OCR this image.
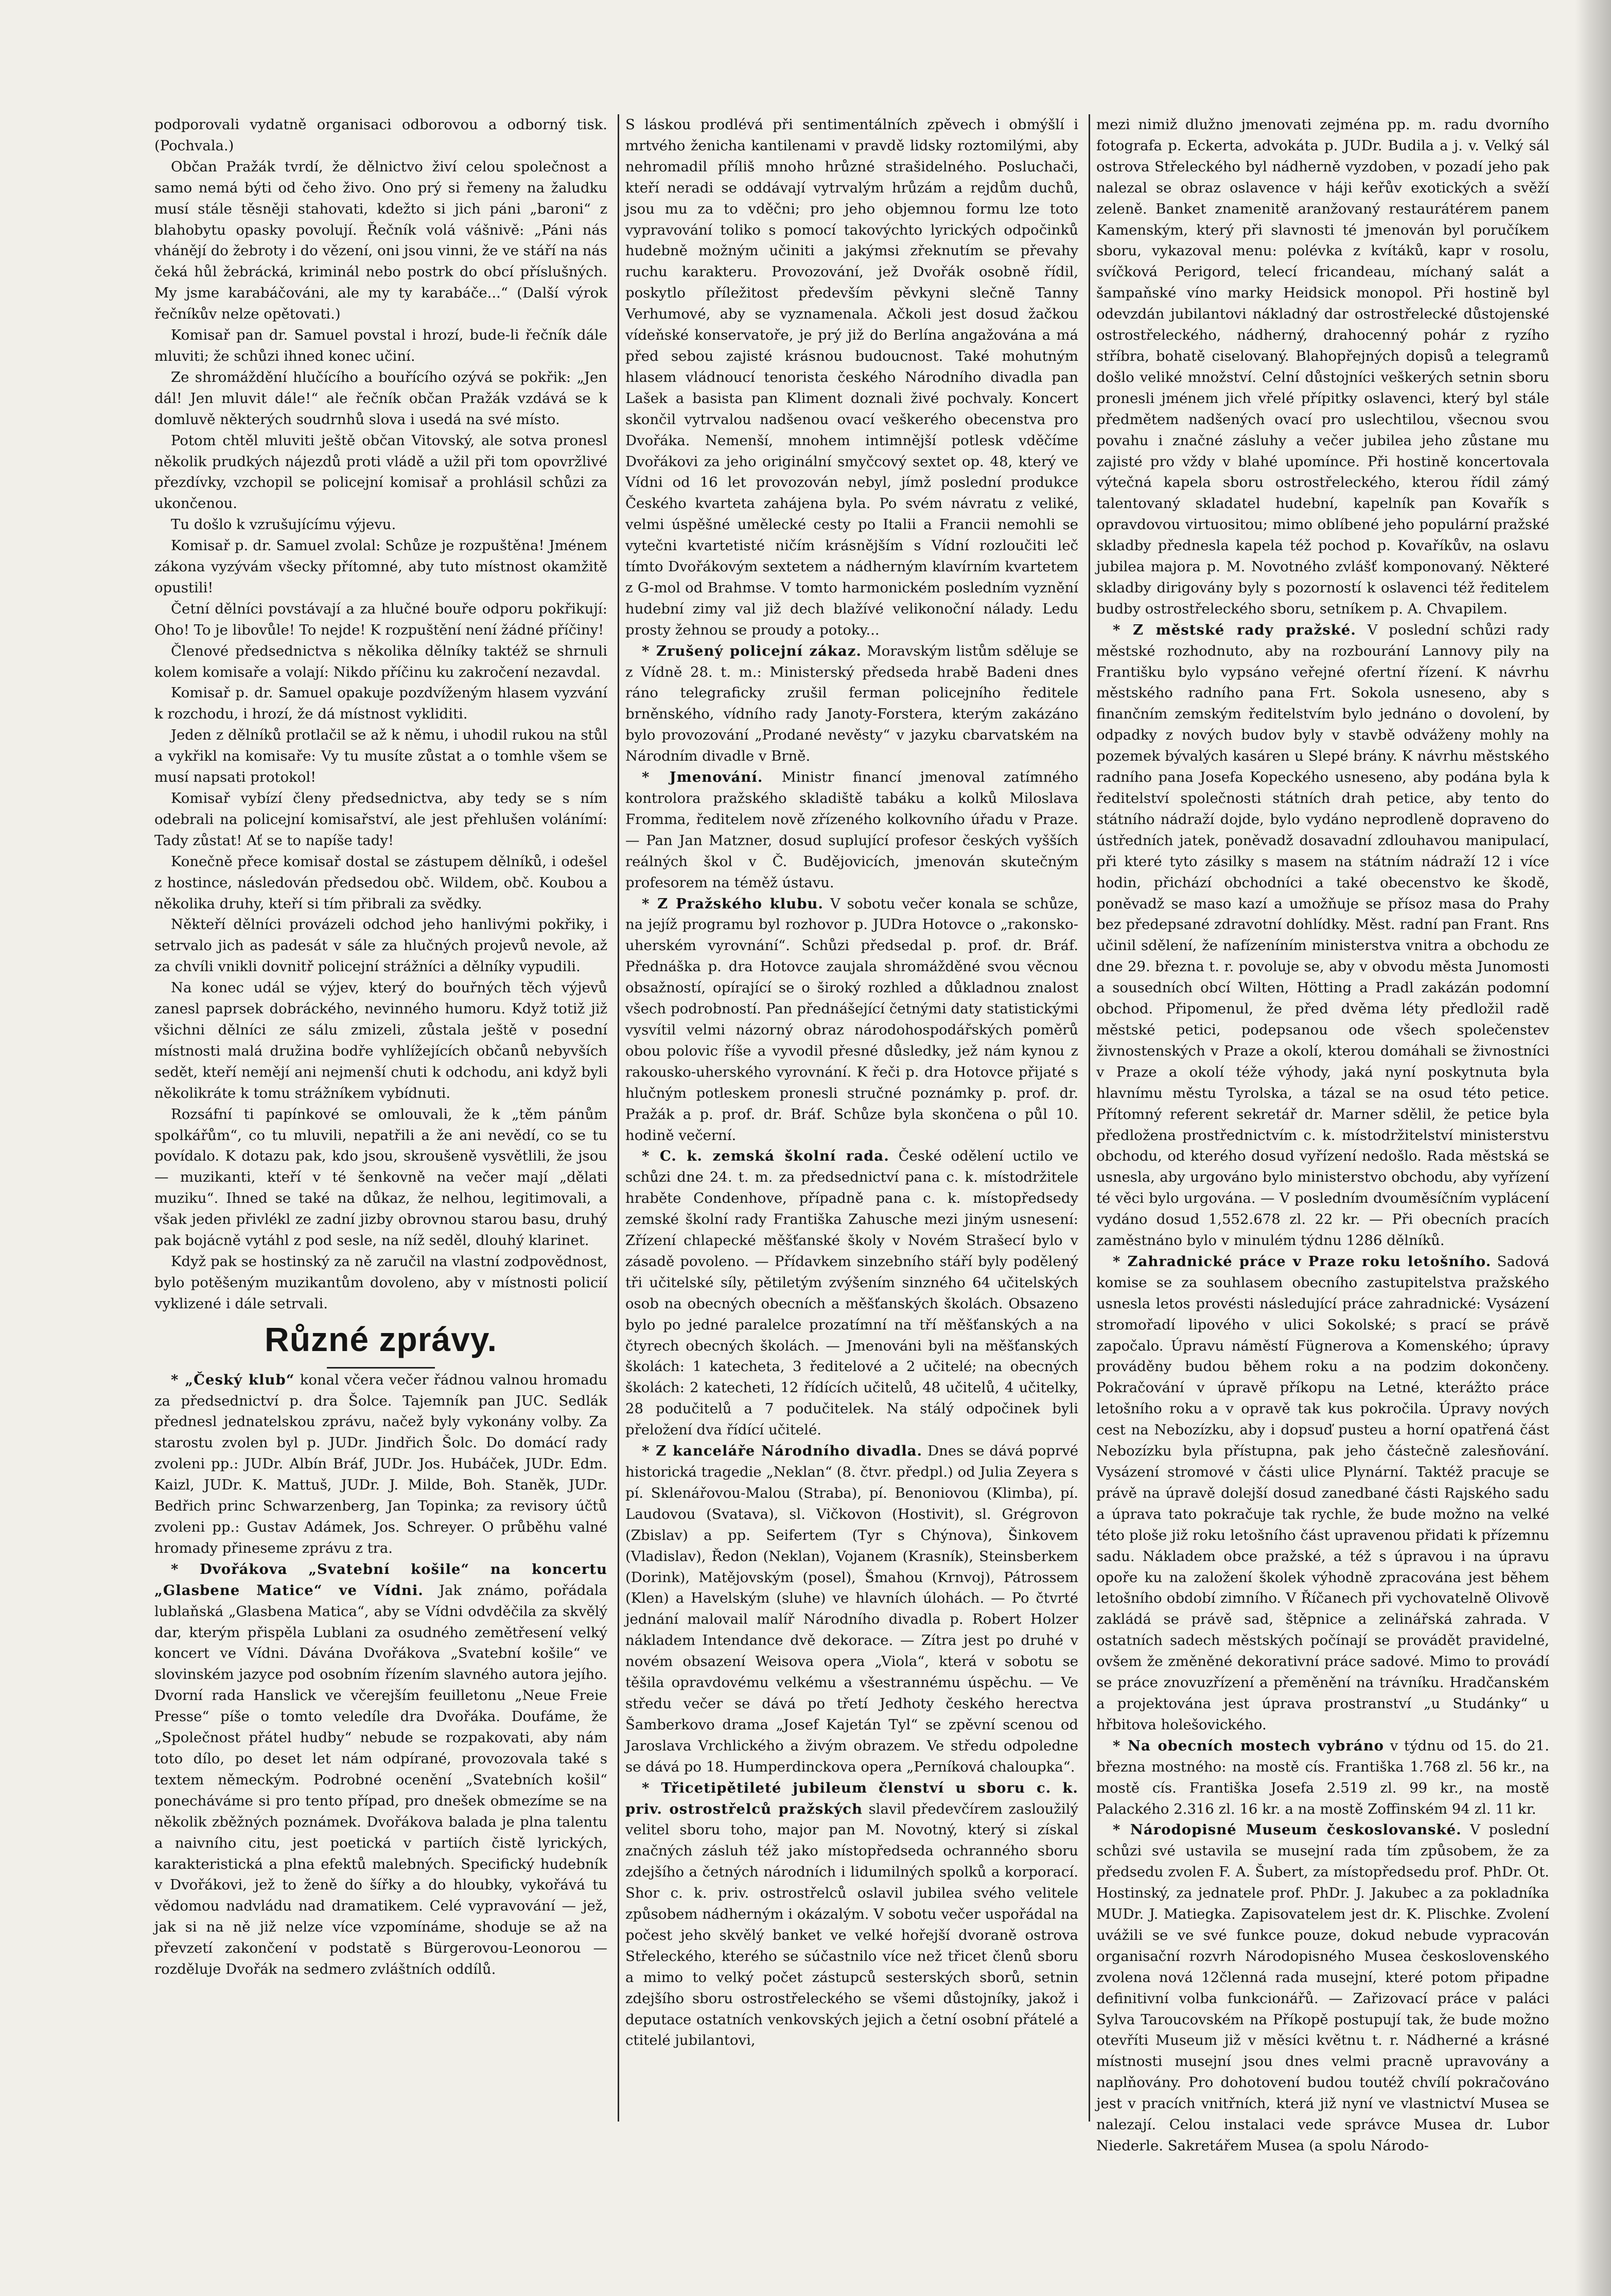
podporovali vydatně organisaci odborovou a odborný tisk. (Pochvala.)

Občan Pražák tvrdí, že dělnictvo živí celou společnost a samo nemá býti od čeho živo. Ono prý si řemeny na žaludku musí stále těsněji stahovati, kdežto si jich páni „baroni“ z blahobytu opasky povolují. Řečník volá vášnivě: „Páni nás vhánějí do žebroty i do vězení, oni jsou vinni, že ve stáří na nás čeká hůl žebrácká, kriminál nebo postrk do obcí příslušných. My jsme karabáčováni, ale my ty karabáče...“ (Další výrok řečníkův nelze opětovati.)

Komisař pan dr. Samuel povstal i hrozí, bude-li řečník dále mluviti; že schůzi ihned konec učiní.

Ze shromáždění hlučícího a bouřícího ozývá se pokřik: „Jen dál! Jen mluvit dále!“ ale řečník občan Pražák vzdává se k domluvě některých soudrnhů slova i usedá na své místo.

Potom chtěl mluviti ještě občan Vitovský, ale sotva pronesl několik prudkých nájezdů proti vládě a užil při tom opovržlivé přezdívky, vzchopil se policejní komisař a prohlásil schůzi za ukončenou.

Tu došlo k vzrušujícímu výjevu.

Komisař p. dr. Samuel zvolal: Schůze je rozpuštěna! Jménem zákona vyzývám všecky přítomné, aby tuto místnost okamžitě opustili!

Četní dělníci povstávají a za hlučné bouře odporu pokřikují: Oho! To je libovůle! To nejde! K rozpuštění není žádné příčiny!

Členové předsednictva s několika dělníky taktéž se shrnuli kolem komisaře a volají: Nikdo příčinu ku zakročení nezavdal.

Komisař p. dr. Samuel opakuje pozdvíženým hlasem vyzvání k rozchodu, i hrozí, že dá místnost vykliditi.

Jeden z dělníků protlačil se až k němu, i uhodil rukou na stůl a vykřikl na komisaře: Vy tu musíte zůstat a o tomhle všem se musí napsati protokol!

Komisař vybízí členy předsednictva, aby tedy se s ním odebrali na policejní komisařství, ale jest přehlušen volánímí: Tady zůstat! Ať se to napíše tady!

Konečně přece komisař dostal se zástupem dělníků, i odešel z hostince, následován předsedou obč. Wildem, obč. Koubou a několika druhy, kteří si tím přibrali za svědky.

Někteří dělníci provázeli odchod jeho hanlivými pokřiky, i setrvalo jich as padesát v sále za hlučných projevů nevole, až za chvíli vnikli dovnitř policejní strážníci a dělníky vypudili.

Na konec udál se výjev, který do bouřných těch výjevů zanesl paprsek dobráckého, nevinného humoru. Když totiž již všichni dělníci ze sálu zmizeli, zůstala ještě v posední místnosti malá družina bodře vyhlížejících občanů nebyvších sedět, kteří nemějí ani nejmenší chuti k odchodu, ani když byli několikráte k tomu strážníkem vybídnuti.

Rozsáfní ti papínkové se omlouvali, že k „těm pánům spolkářům“, co tu mluvili, nepatřili a že ani nevědí, co se tu povídalo. K dotazu pak, kdo jsou, skroušeně vysvětlili, že jsou — muzikanti, kteří v té šenkovně na večer mají „dělati muziku“. Ihned se také na důkaz, že nelhou, legitimovali, a však jeden přivlékl ze zadní jizby obrovnou starou basu, druhý pak bojácně vytáhl z pod sesle, na níž seděl, dlouhý klarinet.

Když pak se hostinský za ně zaručil na vlastní zodpovědnost, bylo potěšeným muzikantům dovoleno, aby v místnosti policií vyklizené i dále setrvali.

Různé zprávy.

* „Český klub“ konal včera večer řádnou valnou hromadu za předsednictví p. dra Šolce. Tajemník pan JUC. Sedlák přednesl jednatelskou zprávu, načež byly vykonány volby. Za starostu zvolen byl p. JUDr. Jindřich Šolc. Do domácí rady zvoleni pp.: JUDr. Albín Bráf, JUDr. Jos. Hubáček, JUDr. Edm. Kaizl, JUDr. K. Mattuš, JUDr. J. Milde, Boh. Staněk, JUDr. Bedřich princ Schwarzenberg, Jan Topinka; za revisory účtů zvoleni pp.: Gustav Adámek, Jos. Schreyer. O průběhu valné hromady přineseme zprávu z tra.

* Dvořákova „Svatební košile“ na koncertu „Glasbene Matice“ ve Vídni. Jak známo, pořádala lublaňská „Glasbena Matica“, aby se Vídni odvděčila za skvělý dar, kterým přispěla Lublani za osudného zemětřesení velký koncert ve Vídni. Dávána Dvořákova „Svatební košile“ ve slovinském jazyce pod osobním řízením slavného autora jejího. Dvorní rada Hanslick ve včerejším feuilletonu „Neue Freie Presse“ píše o tomto veledíle dra Dvořáka. Doufáme, že „Společnost přátel hudby“ nebude se rozpakovati, aby nám toto dílo, po deset let nám odpírané, provozovala také s textem německým. Podrobné ocenění „Svatebních košil“ ponecháváme si pro tento případ, pro dnešek obmezíme se na několik zběžných poznámek. Dvořákova balada je plna talentu a naivního citu, jest poetická v partiích čistě lyrických, karakteristická a plna efektů malebných. Specifický hudebník v Dvořákovi, jež to ženě do šířky a do hloubky, vykořává tu vědomou nadvládu nad dramatikem. Celé vypravování — jež, jak si na ně již nelze více vzpomínáme, shoduje se až na převzetí zakončení v podstatě s Bürgerovou-Leonorou — rozděluje Dvořák na sedmero zvláštních oddílů.

S láskou prodlévá při sentimentálních zpěvech i obmýšlí i mrtvého ženicha kantilenami v pravdě lidsky roztomilými, aby nehromadil příliš mnoho hrůzné strašidelného. Posluchači, kteří neradi se oddávají vytrvalým hrůzám a rejdům duchů, jsou mu za to vděčni; pro jeho objemnou formu lze toto vypravování toliko s pomocí takovýchto lyrických odpočinků hudebně možným učiniti a jakýmsi zřeknutím se převahy ruchu karakteru. Provozování, jež Dvořák osobně řídil, poskytlo příležitost především pěvkyni slečně Tanny Verhumové, aby se vyznamenala. Ačkoli jest dosud žačkou vídeňské konservatoře, je prý již do Berlína angažována a má před sebou zajisté krásnou budoucnost. Také mohutným hlasem vládnoucí tenorista českého Národního divadla pan Lašek a basista pan Kliment doznali živé pochvaly. Koncert skončil vytrvalou nadšenou ovací veškerého obecenstva pro Dvořáka. Nemenší, mnohem intimnější potlesk vděčíme Dvořákovi za jeho originální smyčcový sextet op. 48, který ve Vídni od 16 let provozován nebyl, jímž poslední produkce Českého kvarteta zahájena byla. Po svém návratu z veliké, velmi úspěšné umělecké cesty po Italii a Francii nemohli se vytečni kvartetisté ničím krásnějším s Vídní rozloučiti leč tímto Dvořákovým sextetem a nádherným klavírním kvartetem z G-mol od Brahmse. V tomto harmonickém posledním vyznění hudební zimy val již dech blažívé velikonoční nálady. Ledu prosty žehnou se proudy a potoky...

* Zrušený policejní zákaz. Moravským listům sděluje se z Vídně 28. t. m.: Ministerský předseda hrabě Badeni dnes ráno telegraficky zrušil ferman policejního ředitele brněnského, vídního rady Janoty-Forstera, kterým zakázáno bylo provozování „Prodané nevěsty“ v jazyku cbarvatském na Národním divadle v Brně.

* Jmenování. Ministr financí jmenoval zatímného kontrolora pražského skladiště tabáku a kolků Miloslava Fromma, ředitelem nově zřízeného kolkovního úřadu v Praze. — Pan Jan Matzner, dosud suplující profesor českých vyšších reálných škol v Č. Budějovicích, jmenován skutečným profesorem na téměž ústavu.

* Z Pražského klubu. V sobotu večer konala se schůze, na jejíž programu byl rozhovor p. JUDra Hotovce o „rakonsko-uherském vyrovnání“. Schůzi předsedal p. prof. dr. Bráf. Přednáška p. dra Hotovce zaujala shromážděné svou věcnou obsažností, opírající se o široký rozhled a důkladnou znalost všech podrobností. Pan přednášející četnými daty statistickými vysvítil velmi názorný obraz národohospodářských poměrů obou polovic říše a vyvodil přesné důsledky, jež nám kynou z rakousko-uherského vyrovnání. K řeči p. dra Hotovce přijaté s hlučným potleskem pronesli stručné poznámky p. prof. dr. Pražák a p. prof. dr. Bráf. Schůze byla skončena o půl 10. hodině večerní.

* C. k. zemská školní rada. České odělení uctilo ve schůzi dne 24. t. m. za předsednictví pana c. k. místodržitele hraběte Condenhove, případně pana c. k. místopředsedy zemské školní rady Františka Zahusche mezi jiným usnesení: Zřízení chlapecké měšťanské školy v Novém Strašecí bylo v zásadě povoleno. — Přídavkem sinzebního stáří byly podělený tři učitelské síly, pětiletým zvýšením sinzného 64 učitelských osob na obecných obecních a měšťanských školách. Obsazeno bylo po jedné paralelce prozatímní na tří měšťanských a na čtyrech obecných školách. — Jmenováni byli na měšťanských školách: 1 katecheta, 3 ředitelové a 2 učitelé; na obecných školách: 2 katecheti, 12 řídících učitelů, 48 učitelů, 4 učitelky, 28 podučitelů a 7 podučitelek. Na stálý odpočinek byli přeložení dva řídící učitelé.

* Z kanceláře Národního divadla. Dnes se dává poprvé historická tragedie „Neklan“ (8. čtvr. předpl.) od Julia Zeyera s pí. Sklenářovou-Malou (Straba), pí. Benoniovou (Klimba), pí. Laudovou (Svatava), sl. Vičkovon (Hostivit), sl. Grégrovon (Zbislav) a pp. Seifertem (Tyr s Chýnova), Šinkovem (Vladislav), Ředon (Neklan), Vojanem (Krasník), Steinsberkem (Dorink), Matějovským (posel), Šmahou (Krnvoj), Pátrossem (Klen) a Havelským (sluhe) ve hlavních úlohách. — Po čtvrté jednání malovail malíř Národního divadla p. Robert Holzer nákladem Intendance dvě dekorace. — Zítra jest po druhé v novém obsazení Weisova opera „Viola“, která v sobotu se těšila opravdovému velkému a všestrannému úspěchu. — Ve středu večer se dává po třetí Jedhoty českého herectva Šamberkovo drama „Josef Kajetán Tyl“ se zpěvní scenou od Jaroslava Vrchlického a živým obrazem. Ve středu odpoledne se dává po 18. Humperdinckova opera „Perníková chaloupka“.

* Třicetipětileté jubileum členství u sboru c. k. priv. ostrostřelců pražských slavil předevčírem zasloužilý velitel sboru toho, major pan M. Novotný, který si získal značných zásluh též jako místopředseda ochranného sboru zdejšího a četných národních i lidumilných spolků a korporací. Shor c. k. priv. ostrostřelců oslavil jubilea svého velitele způsobem nádherným i okázalým. V sobotu večer uspořádal na počest jeho skvělý banket ve velké hořejší dvoraně ostrova Střeleckého, kterého se súčastnilo více než třicet členů sboru a mimo to velký počet zástupců sesterských sborů, setnin zdejšího sboru ostrostřeleckého se všemi důstojníky, jakož i deputace ostatních venkovských jejich a četní osobní přátelé a ctitelé jubilantovi,

mezi nimiž dlužno jmenovati zejména pp. m. radu dvorního fotografa p. Eckerta, advokáta p. JUDr. Budila a j. v. Velký sál ostrova Střeleckého byl nádherně vyzdoben, v pozadí jeho pak nalezal se obraz oslavence v háji keřův exotických a svěží zeleně. Banket znamenitě aranžovaný restaurátérem panem Kamenským, který při slavnosti té jmenován byl poručíkem sboru, vykazoval menu: polévka z kvítáků, kapr v rosolu, svíčková Perigord, telecí fricandeau, míchaný salát a šampaňské víno marky Heidsick monopol. Při hostině byl odevzdán jubilantovi nákladný dar ostrostřelecké důstojenské ostrostřeleckého, nádherný, drahocenný pohár z ryzího stříbra, bohatě ciselovaný. Blahopřejných dopisů a telegramů došlo veliké množství. Celní důstojníci veškerých setnin sboru pronesli jménem jich vřelé přípitky oslavenci, který byl stále předmětem nadšených ovací pro uslechtilou, všecnou svou povahu i značné zásluhy a večer jubilea jeho zůstane mu zajisté pro vždy v blahé upomínce. Při hostině koncertovala výtečná kapela sboru ostrostřeleckého, kterou řídil zámý talentovaný skladatel hudební, kapelník pan Kovařík s opravdovou virtuositou; mimo oblíbené jeho populární pražské skladby přednesla kapela též pochod p. Kovaříkův, na oslavu jubilea majora p. M. Novotného zvlášť komponovaný. Některé skladby dirigovány byly s pozorností k oslavenci též ředitelem budby ostrostřeleckého sboru, setníkem p. A. Chvapilem.

* Z městské rady pražské. V poslední schůzi rady městské rozhodnuto, aby na rozbourání Lannovy pily na Františku bylo vypsáno veřejné ofertní řízení. K návrhu městského radního pana Frt. Sokola usneseno, aby s finančním zemským ředitelstvím bylo jednáno o dovolení, by odpadky z nových budov byly v stavbě odváženy mohly na pozemek bývalých kasáren u Slepé brány. K návrhu městského radního pana Josefa Kopeckého usneseno, aby podána byla k ředitelství společnosti státních drah petice, aby tento do státního nádraží dojde, bylo vydáno neprodleně dopraveno do ústředních jatek, poněvadž dosavadní zdlouhavou manipulací, při které tyto zásilky s masem na státním nádraží 12 i více hodin, přichází obchodníci a také obecenstvo ke škodě, poněvadž se maso kazí a umožňuje se přísoz masa do Prahy bez předepsané zdravotní dohlídky. Měst. radní pan Frant. Rns učinil sdělení, že nafízeníním ministerstva vnitra a obchodu ze dne 29. března t. r. povoluje se, aby v obvodu města Junomosti a sousedních obcí Wilten, Hötting a Pradl zakázán podomní obchod. Připomenul, že před dvěma léty předložil radě městské petici, podepsanou ode všech společenstev živnostenských v Praze a okolí, kterou domáhali se živnostníci v Praze a okolí téže výhody, jaká nyní poskytnuta byla hlavnímu městu Tyrolska, a tázal se na osud této petice. Přítomný referent sekretář dr. Marner sdělil, že petice byla předložena prostřednictvím c. k. místodržitelství ministerstvu obchodu, od kterého dosud vyřízení nedošlo. Rada městská se usnesla, aby urgováno bylo ministerstvo obchodu, aby vyřízení té věci bylo urgována. — V posledním dvouměsíčním vyplácení vydáno dosud 1,552.678 zl. 22 kr. — Při obecních pracích zaměstnáno bylo v minulém týdnu 1286 dělníků.

* Zahradnické práce v Praze roku letošního. Sadová komise se za souhlasem obecního zastupitelstva pražského usnesla letos provésti následující práce zahradnické: Vysázení stromořadí lipového v ulici Sokolské; s prací se právě započalo. Úpravu náměstí Fügnerova a Komenského; úpravy prováděny budou během roku a na podzim dokončeny. Pokračování v úpravě příkopu na Letné, kterážto práce letošního roku a v opravě tak kus pokročila. Úpravy nových cest na Nebozízku, aby i dopsuď pusteu a horní opatřená část Nebozízku byla přístupna, pak jeho částečně zalesňování. Vysázení stromové v části ulice Plynární. Taktéž pracuje se právě na úpravě dolejší dosud zanedbané části Rajského sadu a úprava tato pokračuje tak rychle, že bude možno na velké této ploše již roku letošního část upravenou přidati k přízemnu sadu. Nákladem obce pražské, a též s úpravou i na úpravu opoře ku na založení školek výhodně zpracována jest během letošního období zimního. V Říčanech při vychovatelně Olivově zakládá se právě sad, štěpnice a zelinářská zahrada. V ostatních sadech městských počínají se provádět pravidelné, ovšem že změněné dekorativní práce sadové. Mimo to provádí se práce znovuzřízení a přeměnění na trávníku. Hradčanském a projektována jest úprava prostranství „u Studánky“ u hřbitova holešovického.

* Na obecních mostech vybráno v týdnu od 15. do 21. března mostného: na mostě cís. Františka 1.768 zl. 56 kr., na mostě cís. Františka Josefa 2.519 zl. 99 kr., na mostě Palackého 2.316 zl. 16 kr. a na mostě Zoffinském 94 zl. 11 kr.

* Národopisné Museum českoslovanské. V poslední schůzi své ustavila se musejní rada tím způsobem, že za předsedu zvolen F. A. Šubert, za místopředsedu prof. PhDr. Ot. Hostinský, za jednatele prof. PhDr. J. Jakubec a za pokladníka MUDr. J. Matiegka. Zapisovatelem jest dr. K. Plischke. Zvolení uvážili se ve své funkce pouze, dokud nebude vypracován organisační rozvrh Národopisného Musea československého zvolena nová 12členná rada musejní, které potom připadne definitivní volba funkcionářů. — Zařizovací práce v paláci Sylva Taroucovském na Příkopě postupují tak, že bude možno otevříti Museum již v měsíci květnu t. r. Nádherné a krásné místnosti musejní jsou dnes velmi pracně upravovány a naplňovány. Pro dohotovení budou toutéž chvílí pokračováno jest v pracích vnitřních, která již nyní ve vlastnictví Musea se nalezají. Celou instalaci vede správce Musea dr. Lubor Niederle. Sakretářem Musea (a spolu Národo-
